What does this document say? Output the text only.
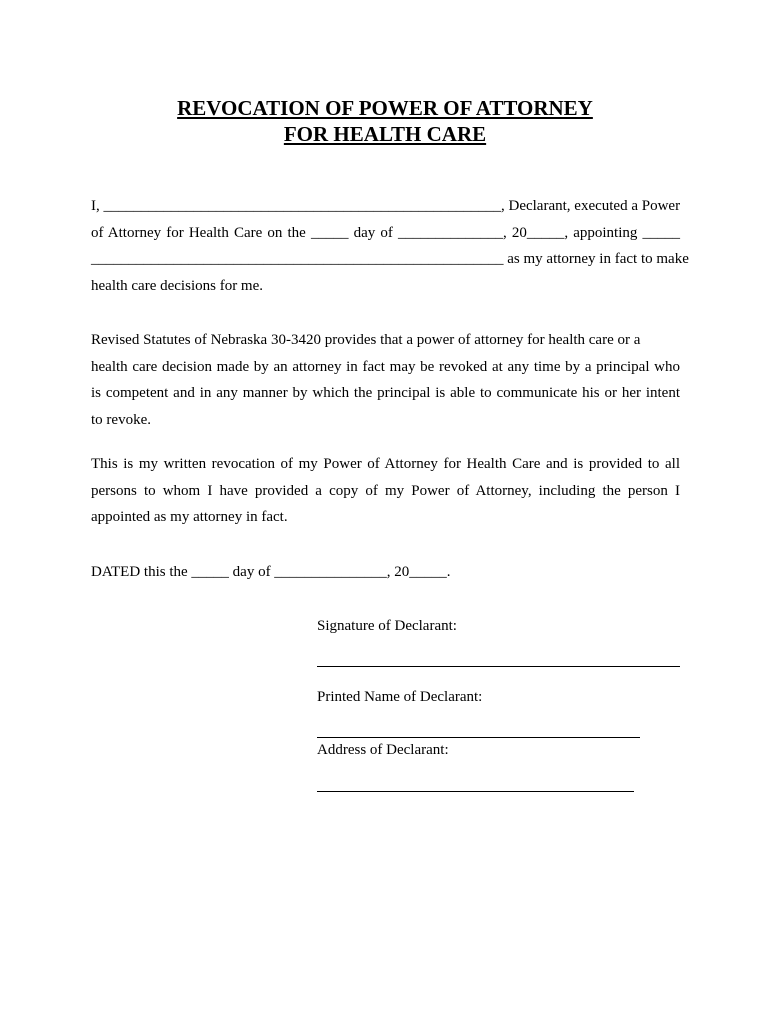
REVOCATION OF POWER OF ATTORNEY
FOR HEALTH CARE

I, _____________________________________________________, Declarant, executed a Power
of Attorney for Health Care on the _____ day of ______________, 20_____, appointing _____
_______________________________________________________ as my attorney in fact to make
health care decisions for me.

Revised Statutes of Nebraska 30-3420 provides that a power of attorney for health care or a
health care decision made by an attorney in fact may be revoked at any time by a principal who
is competent and in any manner by which the principal is able to communicate his or her intent
to revoke.

This is my written revocation of my Power of Attorney for Health Care and is provided to all
persons to whom I have provided a copy of my Power of Attorney, including the person I
appointed as my attorney in fact.

DATED this the _____ day of _______________, 20_____.

Signature of Declarant:
Printed Name of Declarant:
Address of Declarant:
